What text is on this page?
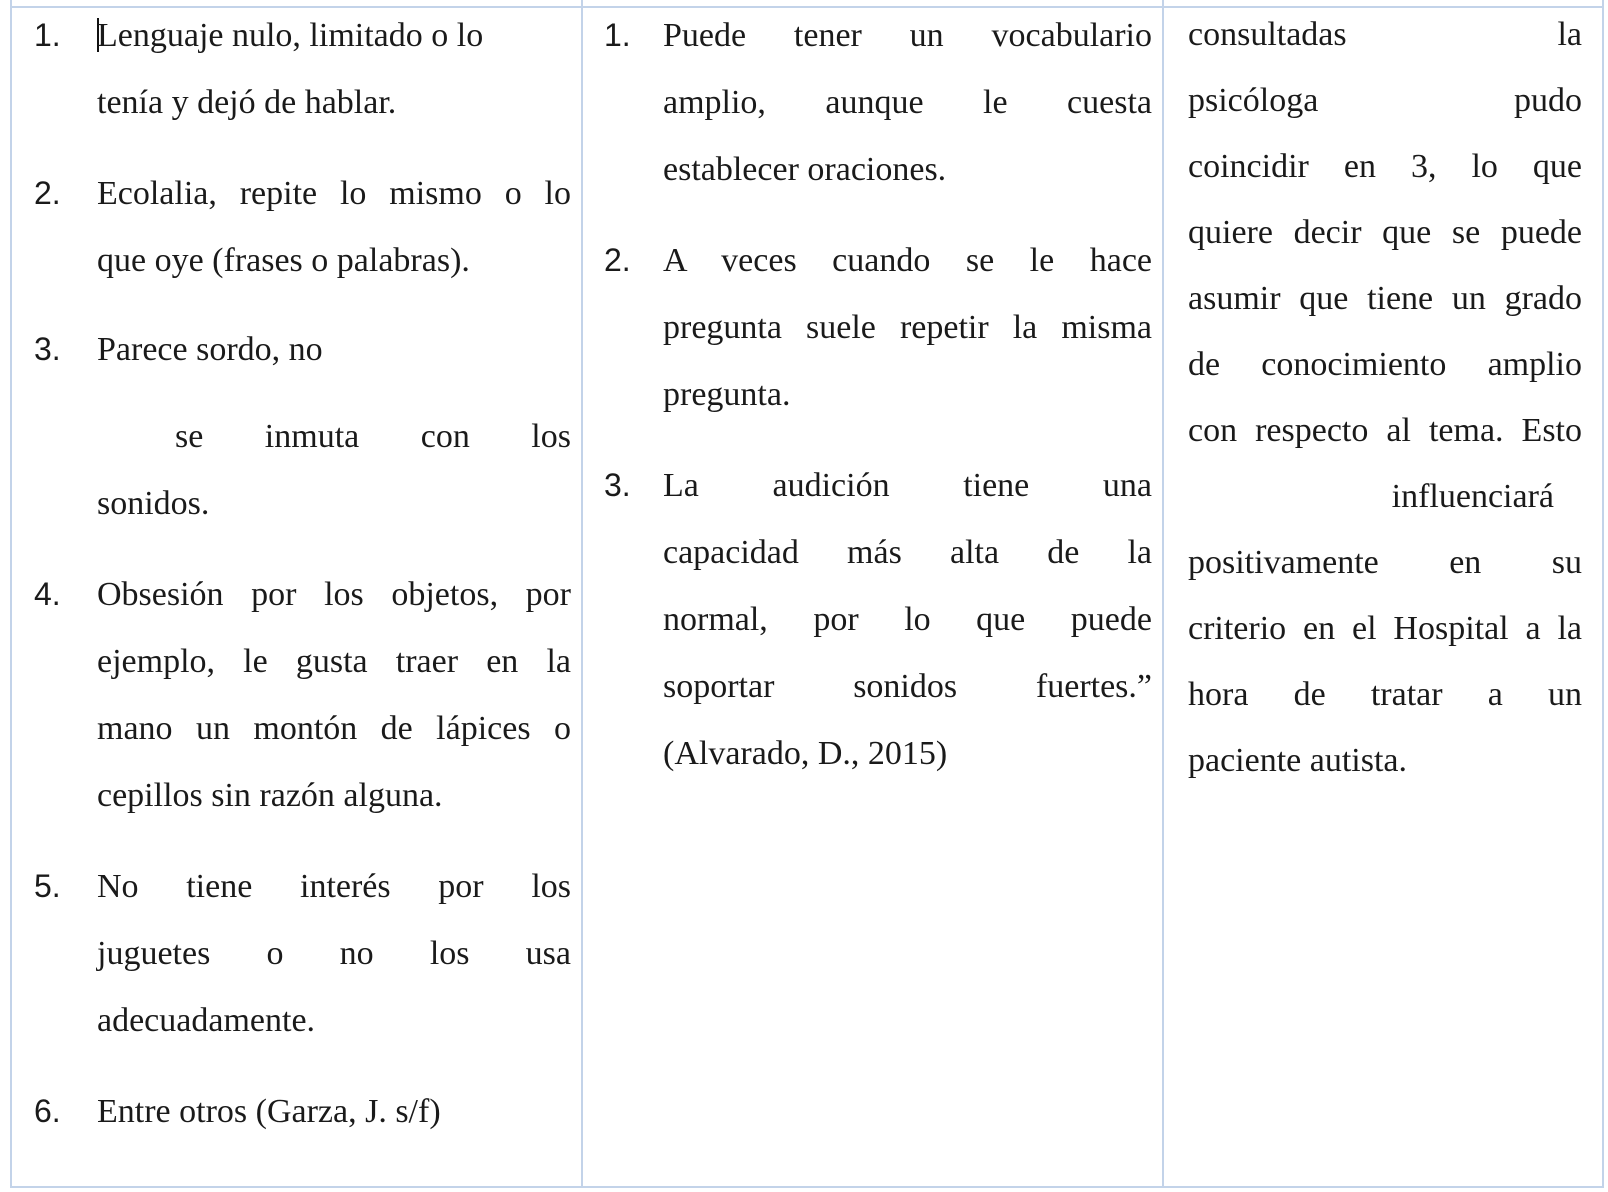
1. Lenguaje nulo, limitado o lo
tenía y dejó de hablar.
2. Ecolalia, repite lo mismo o lo
que oye (frases o palabras).
3. Parece sordo, no
se inmuta con los
sonidos.
4. Obsesión por los objetos, por
ejemplo, le gusta traer en la
mano un montón de lápices o
cepillos sin razón alguna.
5. No tiene interés por los
juguetes o no los usa
adecuadamente.
6. Entre otros (Garza, J. s/f)
1. Puede tener un vocabulario
amplio, aunque le cuesta
establecer oraciones.
2. A veces cuando se le hace
pregunta suele repetir la misma
pregunta.
3. La audición tiene una
capacidad más alta de la
normal, por lo que puede
soportar sonidos fuertes.”
(Alvarado, D., 2015)

consultadas la
psicóloga pudo
coincidir en 3, lo que
quiere decir que se puede
asumir que tiene un grado
de conocimiento amplio
con respecto al tema. Esto
influenciará
positivamente en su
criterio en el Hospital a la
hora de tratar a un
paciente autista.
